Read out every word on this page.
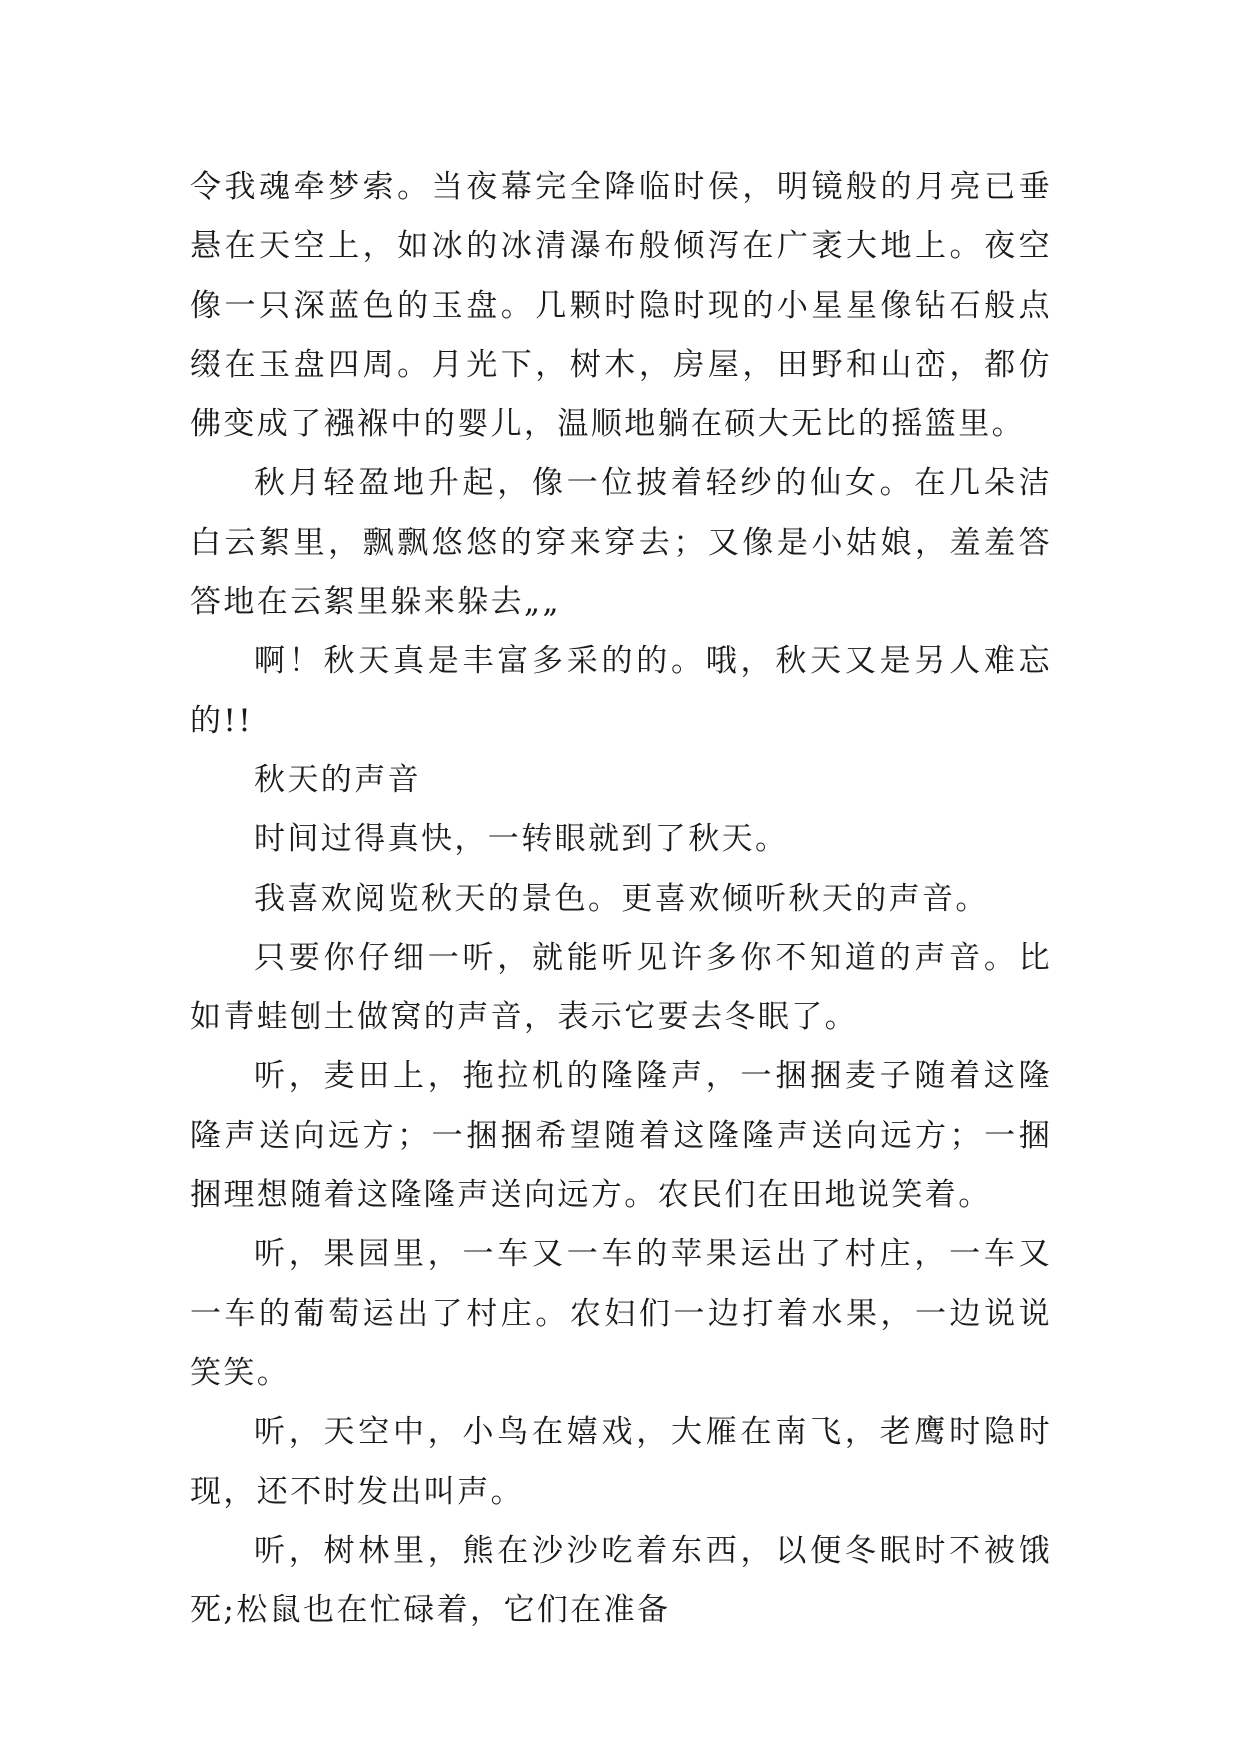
令我魂牵梦索。当夜幕完全降临时侯，明镜般的月亮已垂悬在天空上，如冰的冰清瀑布般倾泻在广袤大地上。夜空像一只深蓝色的玉盘。几颗时隐时现的小星星像钻石般点缀在玉盘四周。月光下，树木，房屋，田野和山峦，都仿佛变成了襁褓中的婴儿，温顺地躺在硕大无比的摇篮里。

秋月轻盈地升起，像一位披着轻纱的仙女。在几朵洁白云絮里，飘飘悠悠的穿来穿去；又像是小姑娘，羞羞答答地在云絮里躲来躲去„„

啊！秋天真是丰富多采的的。哦，秋天又是另人难忘的!!

秋天的声音

时间过得真快，一转眼就到了秋天。

我喜欢阅览秋天的景色。更喜欢倾听秋天的声音。

只要你仔细一听，就能听见许多你不知道的声音。比如青蛙刨土做窝的声音，表示它要去冬眠了。

听，麦田上，拖拉机的隆隆声，一捆捆麦子随着这隆隆声送向远方；一捆捆希望随着这隆隆声送向远方；一捆捆理想随着这隆隆声送向远方。农民们在田地说笑着。

听，果园里，一车又一车的苹果运出了村庄，一车又一车的葡萄运出了村庄。农妇们一边打着水果，一边说说笑笑。

听，天空中，小鸟在嬉戏，大雁在南飞，老鹰时隐时现，还不时发出叫声。

听，树林里，熊在沙沙吃着东西，以便冬眠时不被饿死;松鼠也在忙碌着，它们在准备
